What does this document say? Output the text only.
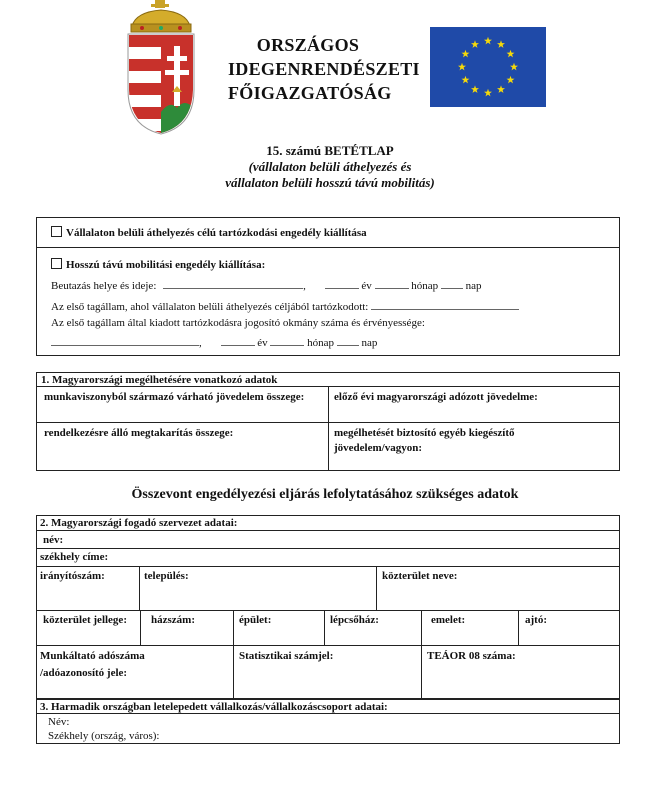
ORSZÁGOS
IDEGENRENDÉSZETI
FŐIGAZGATÓSÁG
15. számú BETÉTLAP
(vállalaton belüli áthelyezés és
vállalaton belüli hosszú távú mobilitás)
Vállalaton belüli áthelyezés célú tartózkodási engedély kiállítása
Hosszú távú mobilitási engedély kiállítása:
Beutazás helye és ideje:	,	év	hónap	nap
Az első tagállam, ahol vállalaton belüli áthelyezés céljából tartózkodott:
Az első tagállam által kiadott tartózkodásra jogosító okmány száma és érvényessége:
,	év	hónap	nap
1. Magyarországi megélhetésére vonatkozó adatok
munkaviszonyból származó várható jövedelem összege:	előző évi magyarországi adózott jövedelme:
rendelkezésre álló megtakarítás összege:	megélhetését biztosító egyéb kiegészítő
jövedelem/vagyon:
Összevont engedélyezési eljárás lefolytatásához szükséges adatok
2. Magyarországi fogadó szervezet adatai:
név:
székhely címe:
irányítószám:	település:	közterület neve:
közterület jellege: házszám:	épület:	lépcsőház:	emelet:	ajtó:
Munkáltató adószáma
/adóazonosító jele:
Statisztikai számjel:	TEÁOR 08 száma:
3. Harmadik országban letelepedett vállalkozás/vállalkozáscsoport adatai:
Név:
Székhely (ország, város):
